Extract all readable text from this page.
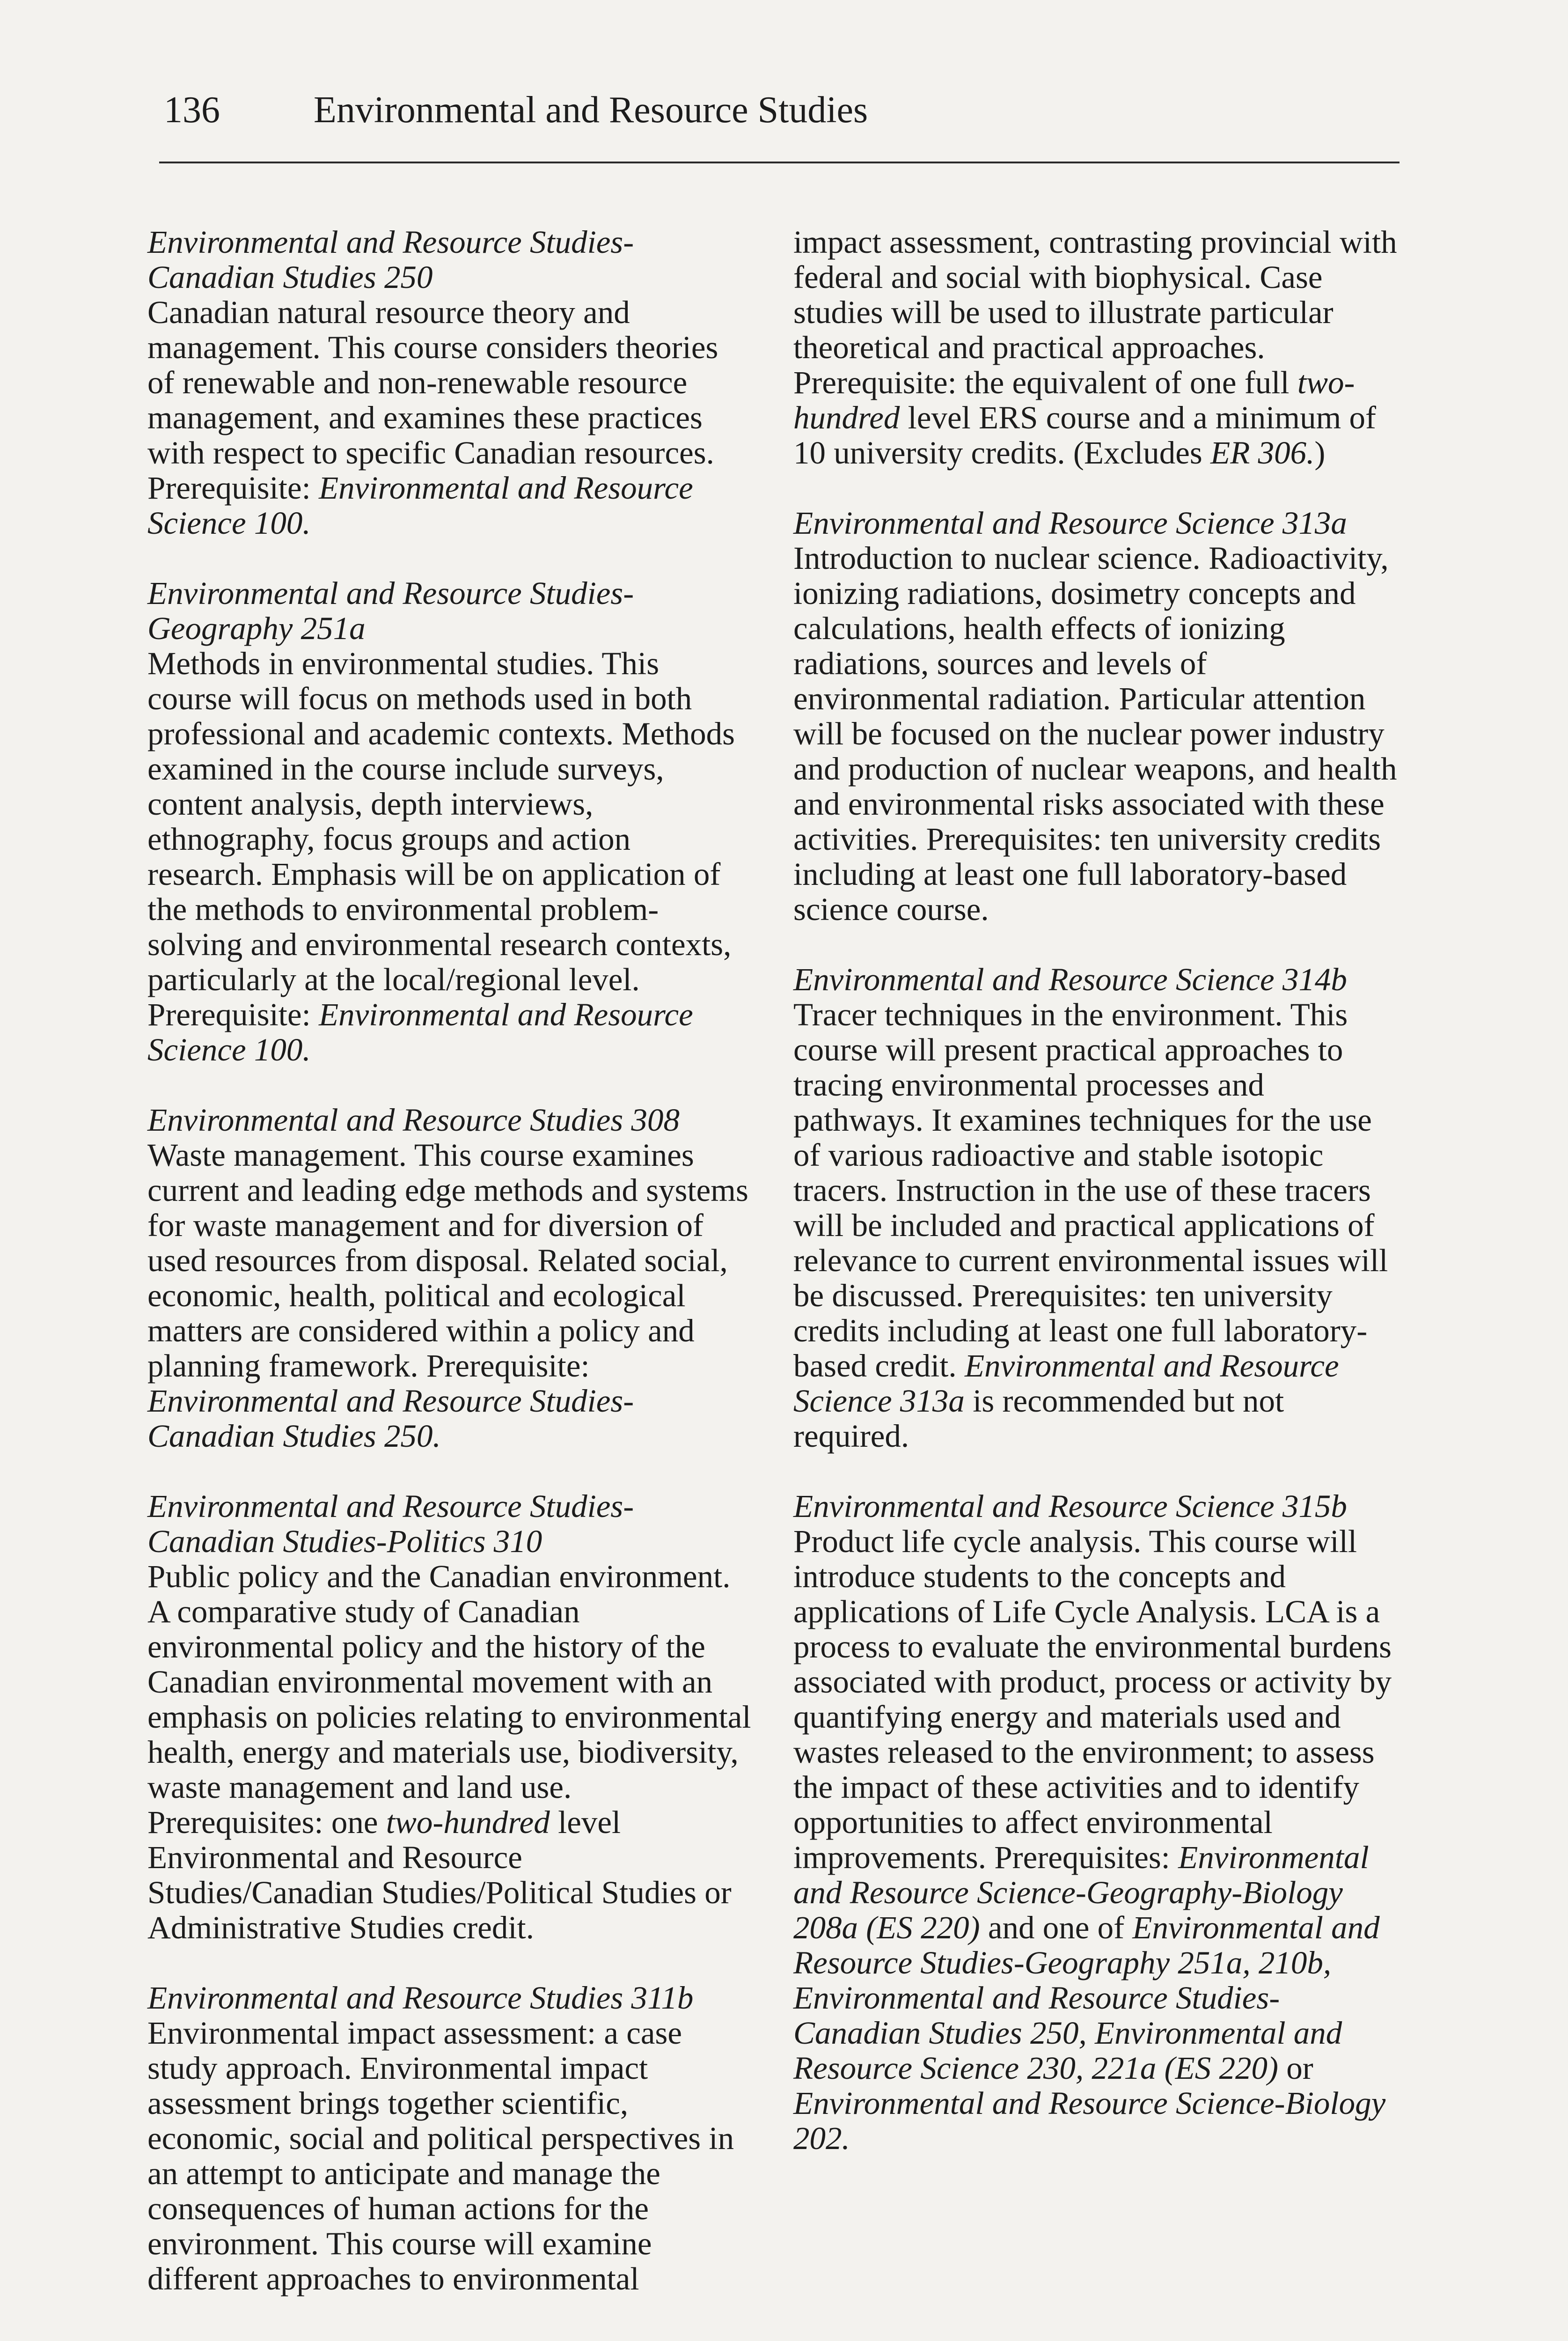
136	Environmental and Resource Studies
Environmental and Resource Studies-Canadian Studies 250
Canadian natural resource theory and management. This course considers theories of renewable and non-renewable resource management, and examines these practices with respect to specific Canadian resources. Prerequisite: Environmental and Resource Science 100.
Environmental and Resource Studies-Geography 251a
Methods in environmental studies. This course will focus on methods used in both professional and academic contexts. Methods examined in the course include surveys, content analysis, depth interviews, ethnography, focus groups and action research. Emphasis will be on application of the methods to environmental problem-solving and environmental research contexts, particularly at the local/regional level. Prerequisite: Environmental and Resource Science 100.
Environmental and Resource Studies 308
Waste management. This course examines current and leading edge methods and systems for waste management and for diversion of used resources from disposal. Related social, economic, health, political and ecological matters are considered within a policy and planning framework. Prerequisite: Environmental and Resource Studies-Canadian Studies 250.
Environmental and Resource Studies-Canadian Studies-Politics 310
Public policy and the Canadian environment. A comparative study of Canadian environmental policy and the history of the Canadian environmental movement with an emphasis on policies relating to environmental health, energy and materials use, biodiversity, waste management and land use. Prerequisites: one two-hundred level Environmental and Resource Studies/Canadian Studies/Political Studies or Administrative Studies credit.
Environmental and Resource Studies 311b
Environmental impact assessment: a case study approach. Environmental impact assessment brings together scientific, economic, social and political perspectives in an attempt to anticipate and manage the consequences of human actions for the environment. This course will examine different approaches to environmental
impact assessment, contrasting provincial with federal and social with biophysical. Case studies will be used to illustrate particular theoretical and practical approaches. Prerequisite: the equivalent of one full two-hundred level ERS course and a minimum of 10 university credits. (Excludes ER 306.)
Environmental and Resource Science 313a
Introduction to nuclear science. Radioactivity, ionizing radiations, dosimetry concepts and calculations, health effects of ionizing radiations, sources and levels of environmental radiation. Particular attention will be focused on the nuclear power industry and production of nuclear weapons, and health and environmental risks associated with these activities. Prerequisites: ten university credits including at least one full laboratory-based science course.
Environmental and Resource Science 314b
Tracer techniques in the environment. This course will present practical approaches to tracing environmental processes and pathways. It examines techniques for the use of various radioactive and stable isotopic tracers. Instruction in the use of these tracers will be included and practical applications of relevance to current environmental issues will be discussed. Prerequisites: ten university credits including at least one full laboratory-based credit. Environmental and Resource Science 313a is recommended but not required.
Environmental and Resource Science 315b
Product life cycle analysis. This course will introduce students to the concepts and applications of Life Cycle Analysis. LCA is a process to evaluate the environmental burdens associated with product, process or activity by quantifying energy and materials used and wastes released to the environment; to assess the impact of these activities and to identify opportunities to affect environmental improvements. Prerequisites: Environmental and Resource Science-Geography-Biology 208a (ES 220) and one of Environmental and Resource Studies-Geography 251a, 210b, Environmental and Resource Studies-Canadian Studies 250, Environmental and Resource Science 230, 221a (ES 220) or Environmental and Resource Science-Biology 202.
